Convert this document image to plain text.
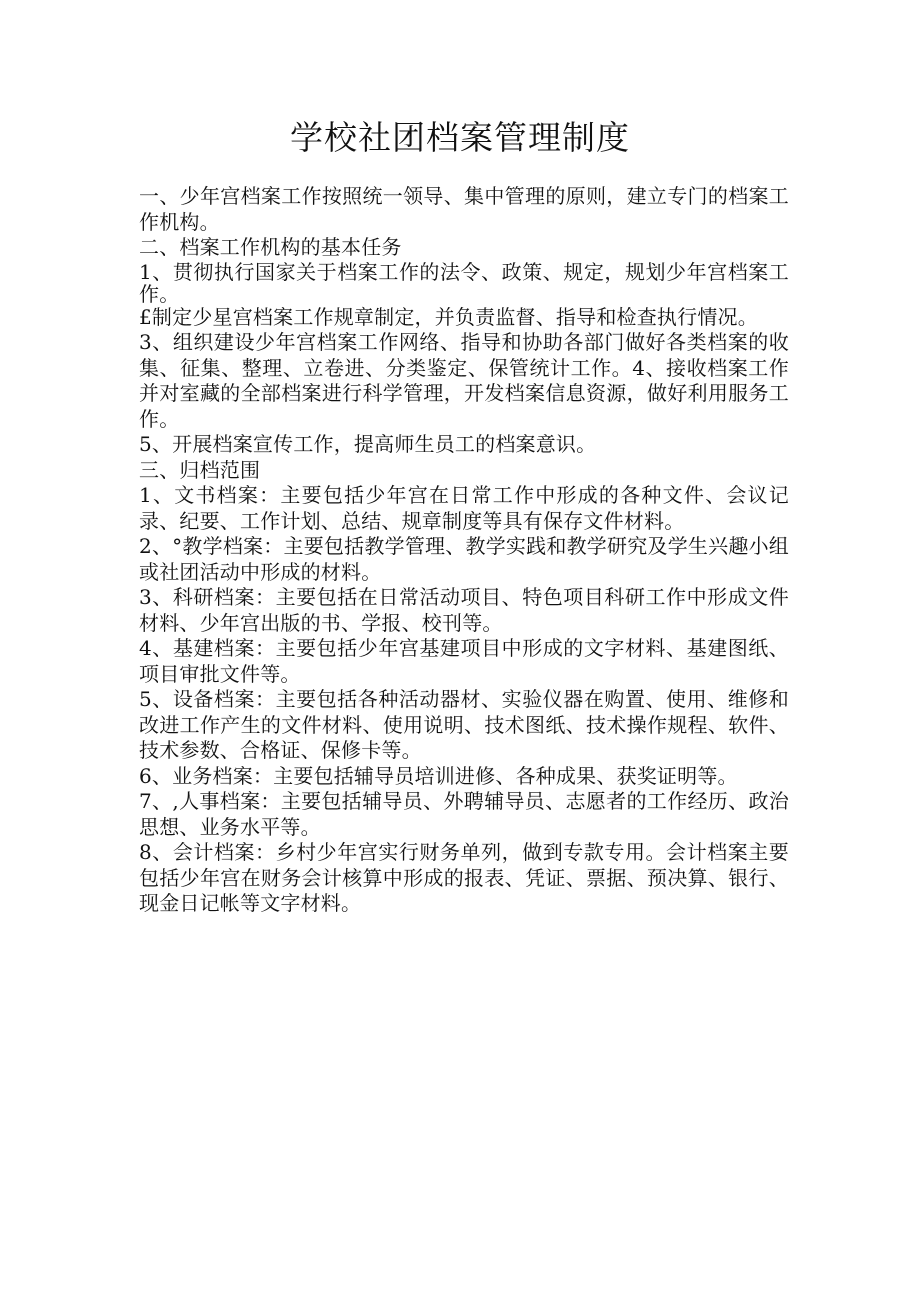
学校社团档案管理制度

一、少年宫档案工作按照统一领导、集中管理的原则，建立专门的档案工作机构。

二、档案工作机构的基本任务

1、贯彻执行国家关于档案工作的法令、政策、规定，规划少年宫档案工作。

£制定少星宫档案工作规章制定，并负责监督、指导和检查执行情况。

3、组织建设少年宫档案工作网络、指导和协助各部门做好各类档案的收集、征集、整理、立卷进、分类鉴定、保管统计工作。4、接收档案工作并对室藏的全部档案进行科学管理，开发档案信息资源，做好利用服务工作。

5、开展档案宣传工作，提高师生员工的档案意识。

三、归档范围

1、文书档案：主要包括少年宫在日常工作中形成的各种文件、会议记录、纪要、工作计划、总结、规章制度等具有保存文件材料。

2、°教学档案：主要包括教学管理、教学实践和教学研究及学生兴趣小组或社团活动中形成的材料。

3、科研档案：主要包括在日常活动项目、特色项目科研工作中形成文件材料、少年宫出版的书、学报、校刊等。

4、基建档案：主要包括少年宫基建项目中形成的文字材料、基建图纸、项目审批文件等。

5、设备档案：主要包括各种活动器材、实验仪器在购置、使用、维修和改进工作产生的文件材料、使用说明、技术图纸、技术操作规程、软件、技术参数、合格证、保修卡等。

6、业务档案：主要包括辅导员培训进修、各种成果、获奖证明等。

7、,人事档案：主要包括辅导员、外聘辅导员、志愿者的工作经历、政治思想、业务水平等。

8、会计档案：乡村少年宫实行财务单列，做到专款专用。会计档案主要包括少年宫在财务会计核算中形成的报表、凭证、票据、预决算、银行、现金日记帐等文字材料。
